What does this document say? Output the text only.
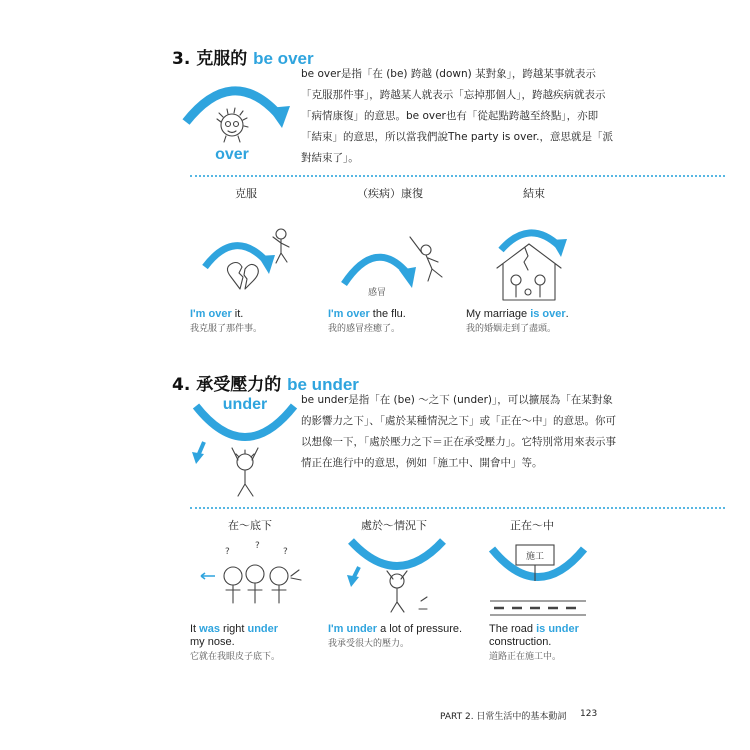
3. 克服的 be over
over
be over是指「在 (be) 跨越 (down) 某對象」，跨越某事就表示「克服那件事」，跨越某人就表示「忘掉那個人」，跨越疾病就表示「病情康復」的意思。be over也有「從起點跨越至終點」，亦即「結束」的意思，所以當我們說The party is over.，意思就是「派對結束了」。
克服	（疾病）康復	結束
感冒
I'm over it.
我克服了那件事。
I'm over the flu.
我的感冒痊癒了。
My marriage is over.
我的婚姻走到了盡頭。
4. 承受壓力的 be under
under	be under是指「在 (be) ～之下 (under)」，可以擴展為「在某對象的影響力之下」、「處於某種情況之下」或「正在～中」的意思。你可以想像一下，「處於壓力之下＝正在承受壓力」。它特別常用來表示事情正在進行中的意思，例如「施工中、開會中」等。
在～底下	處於～情況下	正在～中
?
?
?	施工
It was right under
my nose.
它就在我眼皮子底下。
I'm under a lot of pressure.
我承受很大的壓力。
The road is under
construction.
道路正在施工中。
PART 2. 日常生活中的基本動詞 123
